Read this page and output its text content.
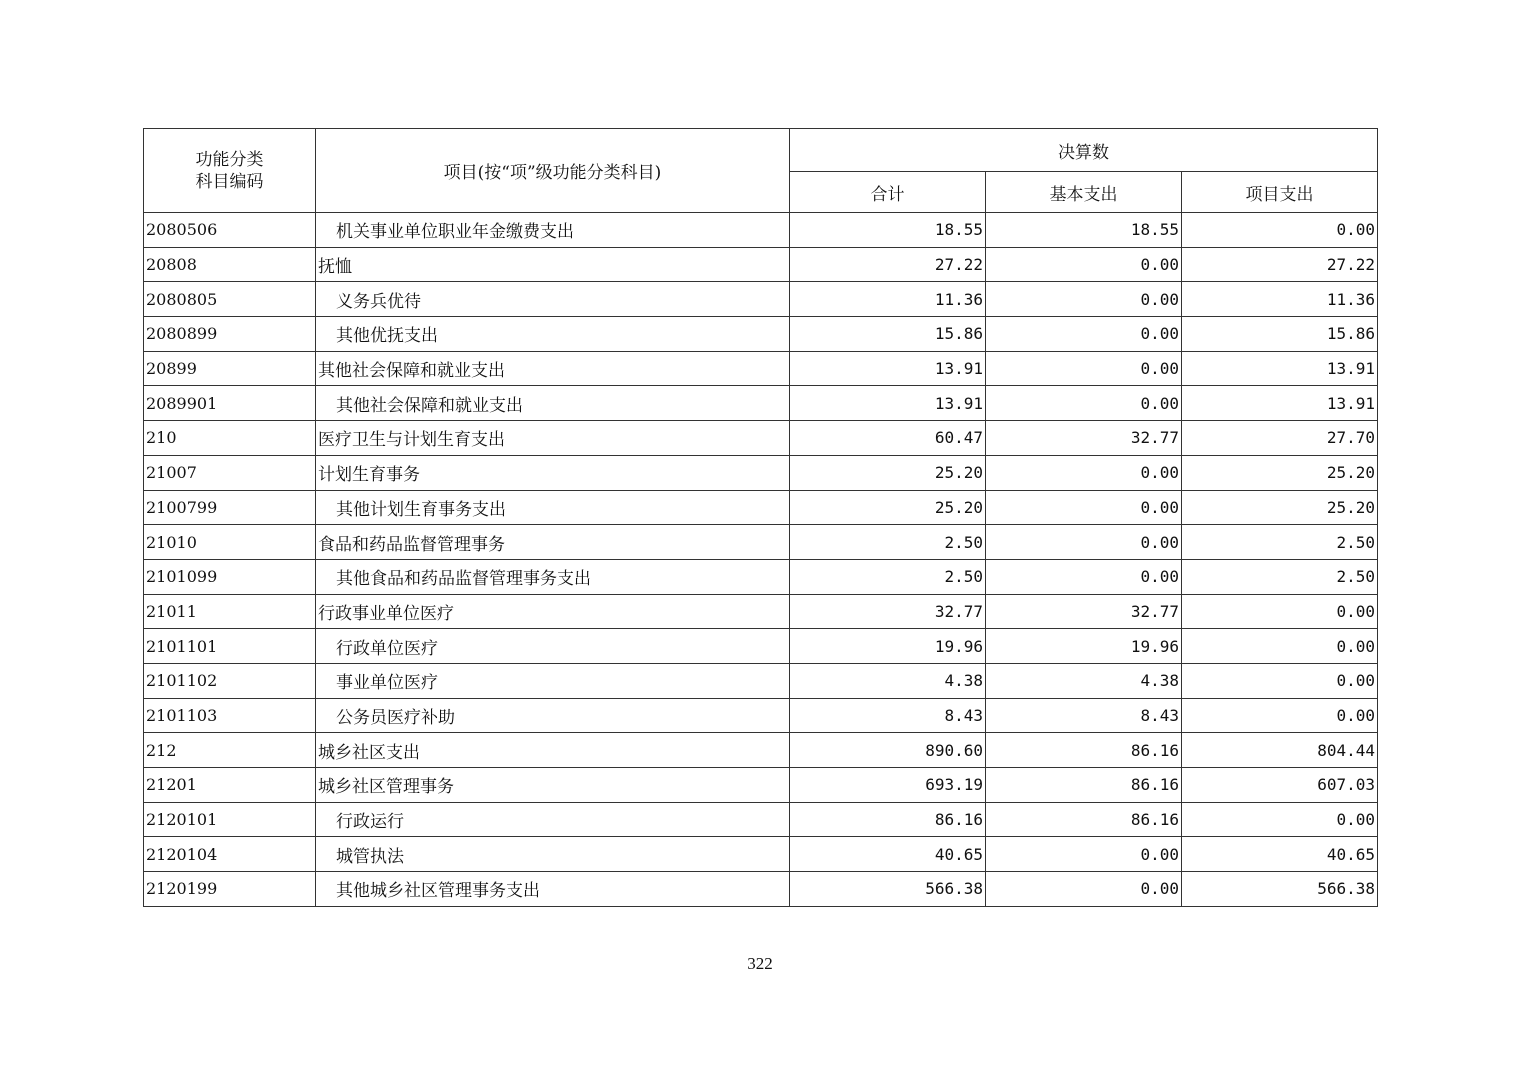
功能分类
科目编码	项目(按“项”级功能分类科目)	决算数		
		合计	基本支出	项目支出
2080506	机关事业单位职业年金缴费支出	18.55	18.55	0.00
20808	抚恤	27.22	0.00	27.22
2080805	义务兵优待	11.36	0.00	11.36
2080899	其他优抚支出	15.86	0.00	15.86
20899	其他社会保障和就业支出	13.91	0.00	13.91
2089901	其他社会保障和就业支出	13.91	0.00	13.91
210	医疗卫生与计划生育支出	60.47	32.77	27.70
21007	计划生育事务	25.20	0.00	25.20
2100799	其他计划生育事务支出	25.20	0.00	25.20
21010	食品和药品监督管理事务	2.50	0.00	2.50
2101099	其他食品和药品监督管理事务支出	2.50	0.00	2.50
21011	行政事业单位医疗	32.77	32.77	0.00
2101101	行政单位医疗	19.96	19.96	0.00
2101102	事业单位医疗	4.38	4.38	0.00
2101103	公务员医疗补助	8.43	8.43	0.00
212	城乡社区支出	890.60	86.16	804.44
21201	城乡社区管理事务	693.19	86.16	607.03
2120101	行政运行	86.16	86.16	0.00
2120104	城管执法	40.65	0.00	40.65
2120199	其他城乡社区管理事务支出	566.38	0.00	566.38
322
